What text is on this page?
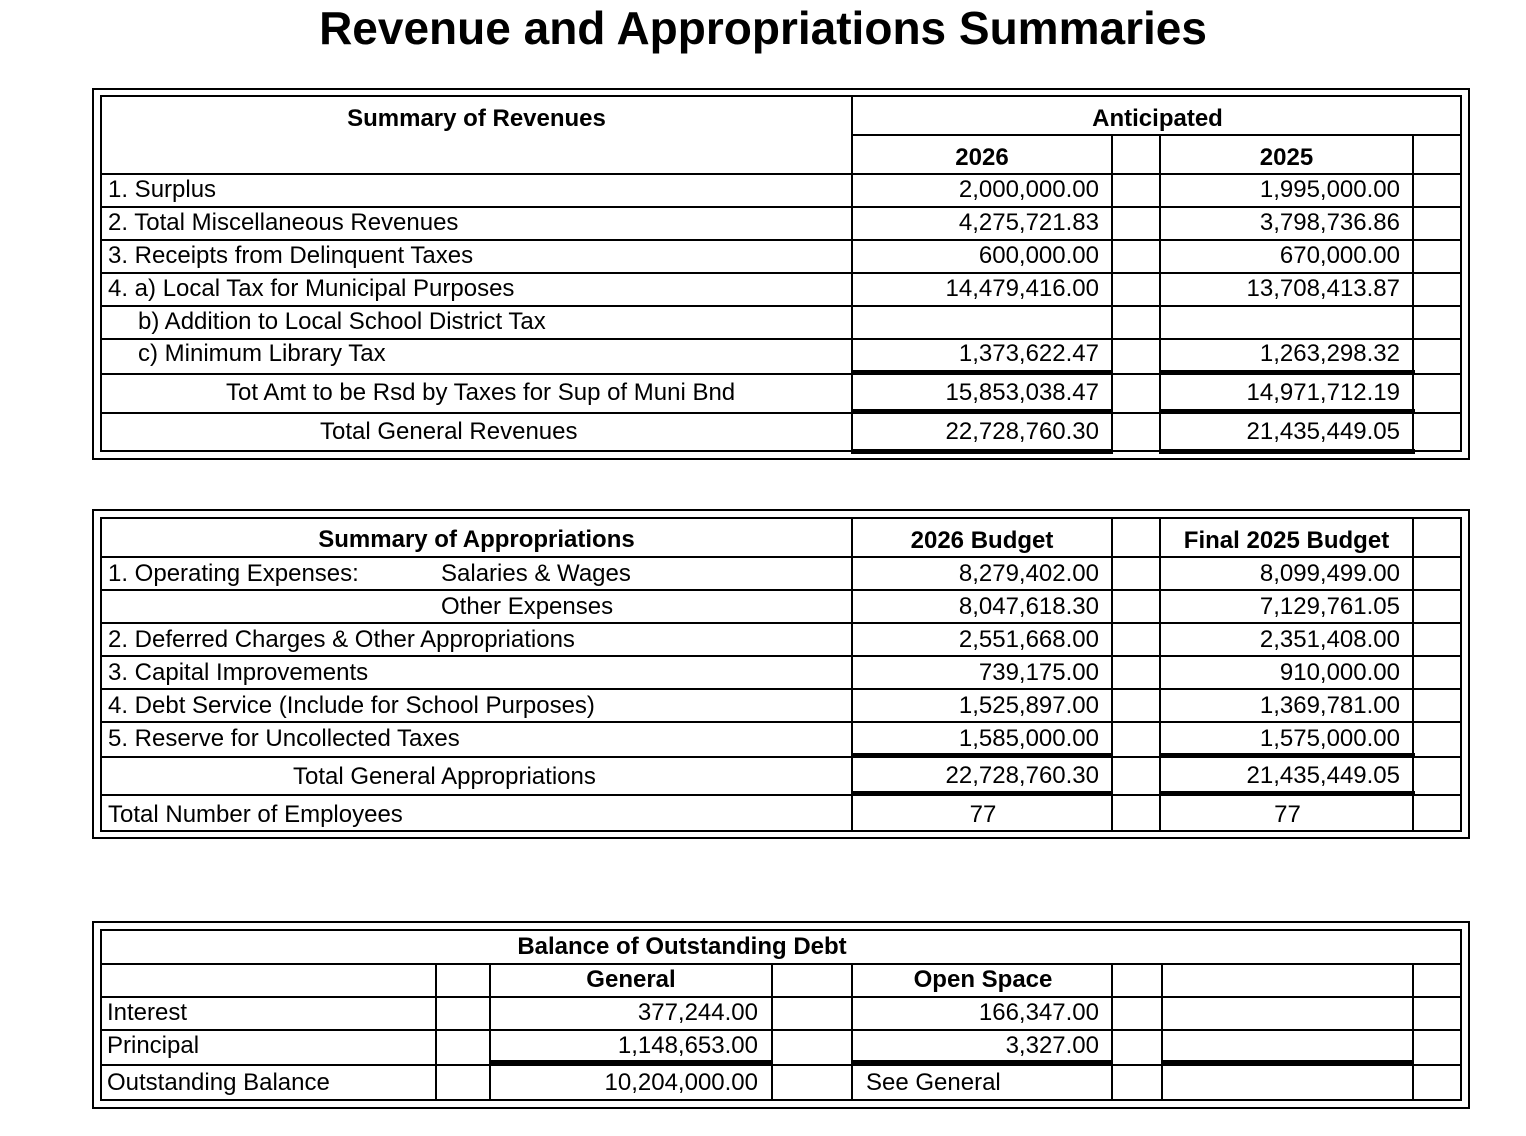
Revenue and Appropriations Summaries
Summary of Revenues	Anticipated
2026	2025
1. Surplus	2,000,000.00	1,995,000.00
2. Total Miscellaneous Revenues	4,275,721.83	3,798,736.86
3. Receipts from Delinquent Taxes	600,000.00	670,000.00
4. a) Local Tax for Municipal Purposes	14,479,416.00	13,708,413.87
b) Addition to Local School District Tax
c) Minimum Library Tax	1,373,622.47	1,263,298.32
Tot Amt to be Rsd by Taxes for Sup of Muni Bnd	15,853,038.47	14,971,712.19
Total General Revenues	22,728,760.30	21,435,449.05
Summary of Appropriations	2026 Budget	Final 2025 Budget
1. Operating Expenses:	Salaries & Wages	8,279,402.00	8,099,499.00
Other Expenses	8,047,618.30	7,129,761.05
2. Deferred Charges & Other Appropriations	2,551,668.00	2,351,408.00
3. Capital Improvements	739,175.00	910,000.00
4. Debt Service (Include for School Purposes)	1,525,897.00	1,369,781.00
5. Reserve for Uncollected Taxes	1,585,000.00	1,575,000.00
Total General Appropriations	22,728,760.30	21,435,449.05
Total Number of Employees	77	77
Balance of Outstanding Debt
General	Open Space
Interest	377,244.00	166,347.00
Principal	1,148,653.00	3,327.00
Outstanding Balance	10,204,000.00	See General
